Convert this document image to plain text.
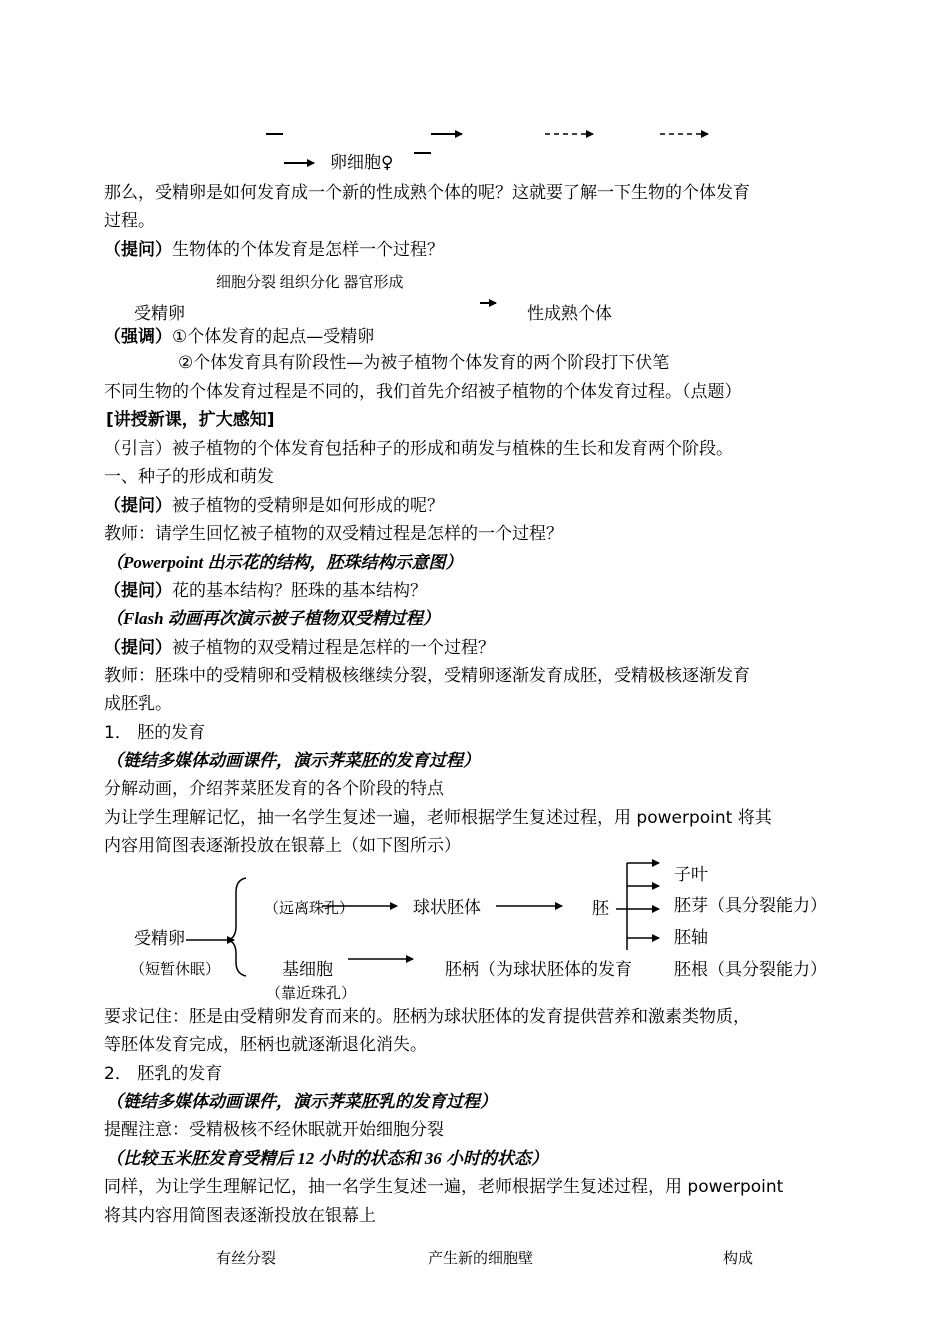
卵细胞♀
那么，受精卵是如何发育成一个新的性成熟个体的呢？这就要了解一下生物的个体发育
过程。
（提问）生物体的个体发育是怎样一个过程？
细胞分裂 组织分化 器官形成
受精卵	性成熟个体
（强调）①个体发育的起点—受精卵
②个体发育具有阶段性—为被子植物个体发育的两个阶段打下伏笔
不同生物的个体发育过程是不同的，我们首先介绍被子植物的个体发育过程。（点题）
[讲授新课，扩大感知]
（引言）被子植物的个体发育包括种子的形成和萌发与植株的生长和发育两个阶段。
一、种子的形成和萌发
（提问）被子植物的受精卵是如何形成的呢？
教师：请学生回忆被子植物的双受精过程是怎样的一个过程？
（Powerpoint 出示花的结构，胚珠结构示意图）
（提问）花的基本结构？胚珠的基本结构？
（Flash 动画再次演示被子植物双受精过程）
（提问）被子植物的双受精过程是怎样的一个过程？
教师：胚珠中的受精卵和受精极核继续分裂，受精卵逐渐发育成胚，受精极核逐渐发育
成胚乳。
1． 胚的发育
（链结多媒体动画课件，演示荠菜胚的发育过程）
分解动画，介绍荠菜胚发育的各个阶段的特点
为让学生理解记忆，抽一名学生复述一遍，老师根据学生复述过程，用 powerpoint 将其
内容用简图表逐渐投放在银幕上（如下图所示）
受精卵
（短暂休眠）
（远离珠孔）	球状胚体	胚
基细胞
（靠近珠孔）
胚柄（为球状胚体的发育
子叶
胚芽（具分裂能力）
胚轴
胚根（具分裂能力）
要求记住：胚是由受精卵发育而来的。胚柄为球状胚体的发育提供营养和激素类物质，
等胚体发育完成，胚柄也就逐渐退化消失。
2． 胚乳的发育
（链结多媒体动画课件，演示荠菜胚乳的发育过程）
提醒注意：受精极核不经休眠就开始细胞分裂
（比较玉米胚发育受精后 12 小时的状态和 36 小时的状态）
同样，为让学生理解记忆，抽一名学生复述一遍，老师根据学生复述过程，用 powerpoint
将其内容用简图表逐渐投放在银幕上
有丝分裂	产生新的细胞壁	构成
